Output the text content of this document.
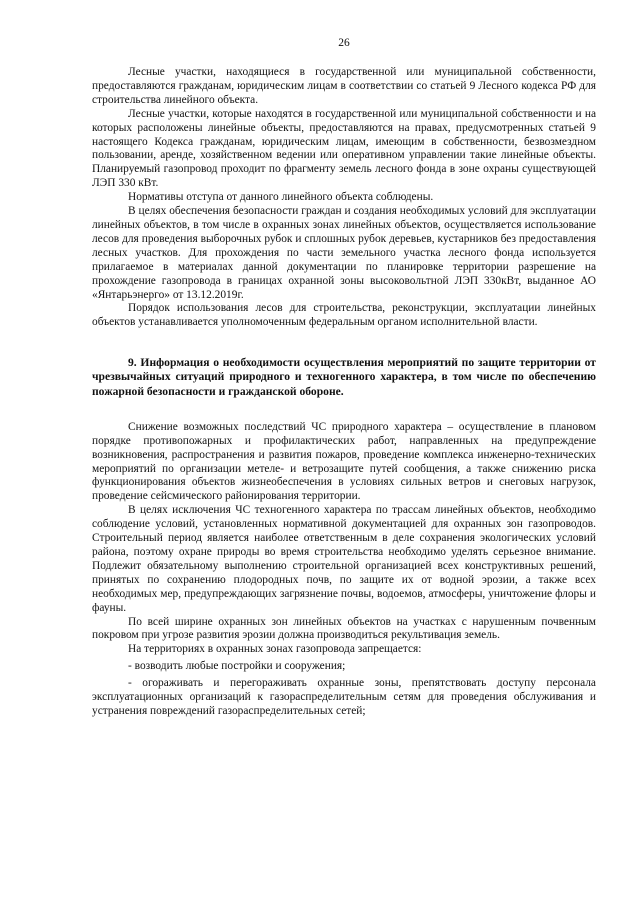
26

Лесные участки, находящиеся в государственной или муниципальной собственности, предоставляются гражданам, юридическим лицам в соответствии со статьей 9 Лесного кодекса РФ для строительства линейного объекта.

Лесные участки, которые находятся в государственной или муниципальной собственности и на которых расположены линейные объекты, предоставляются на правах, предусмотренных статьей 9 настоящего Кодекса гражданам, юридическим лицам, имеющим в собственности, безвозмездном пользовании, аренде, хозяйственном ведении или оперативном управлении такие линейные объекты. Планируемый газопровод проходит по фрагменту земель лесного фонда в зоне охраны существующей ЛЭП 330 кВт.

Нормативы отступа от данного линейного объекта соблюдены.

В целях обеспечения безопасности граждан и создания необходимых условий для эксплуатации линейных объектов, в том числе в охранных зонах линейных объектов, осуществляется использование лесов для проведения выборочных рубок и сплошных рубок деревьев, кустарников без предоставления лесных участков. Для прохождения по части земельного участка лесного фонда используется прилагаемое в материалах данной документации по планировке территории разрешение на прохождение газопровода в границах охранной зоны высоковольтной ЛЭП 330кВт, выданное АО «Янтарьэнерго» от 13.12.2019г.

Порядок использования лесов для строительства, реконструкции, эксплуатации линейных объектов устанавливается уполномоченным федеральным органом исполнительной власти.

9. Информация о необходимости осуществления мероприятий по защите территории от чрезвычайных ситуаций природного и техногенного характера, в том числе по обеспечению пожарной безопасности и гражданской обороне.

Снижение возможных последствий ЧС природного характера – осуществление в плановом порядке противопожарных и профилактических работ, направленных на предупреждение возникновения, распространения и развития пожаров, проведение комплекса инженерно-технических мероприятий по организации метеле- и ветрозащите путей сообщения, а также снижению риска функционирования объектов жизнеобеспечения в условиях сильных ветров и снеговых нагрузок, проведение сейсмического районирования территории.

В целях исключения ЧС техногенного характера по трассам линейных объектов, необходимо соблюдение условий, установленных нормативной документацией для охранных зон газопроводов. Строительный период является наиболее ответственным в деле сохранения экологических условий района, поэтому охране природы во время строительства необходимо уделять серьезное внимание. Подлежит обязательному выполнению строительной организацией всех конструктивных решений, принятых по сохранению плодородных почв, по защите их от водной эрозии, а также всех необходимых мер, предупреждающих загрязнение почвы, водоемов, атмосферы, уничтожение флоры и фауны.

По всей ширине охранных зон линейных объектов на участках с нарушенным почвенным покровом при угрозе развития эрозии должна производиться рекультивация земель.

На территориях в охранных зонах газопровода запрещается:

- возводить любые постройки и сооружения;

- огораживать и перегораживать охранные зоны, препятствовать доступу персонала эксплуатационных организаций к газораспределительным сетям для проведения обслуживания и устранения повреждений газораспределительных сетей;
